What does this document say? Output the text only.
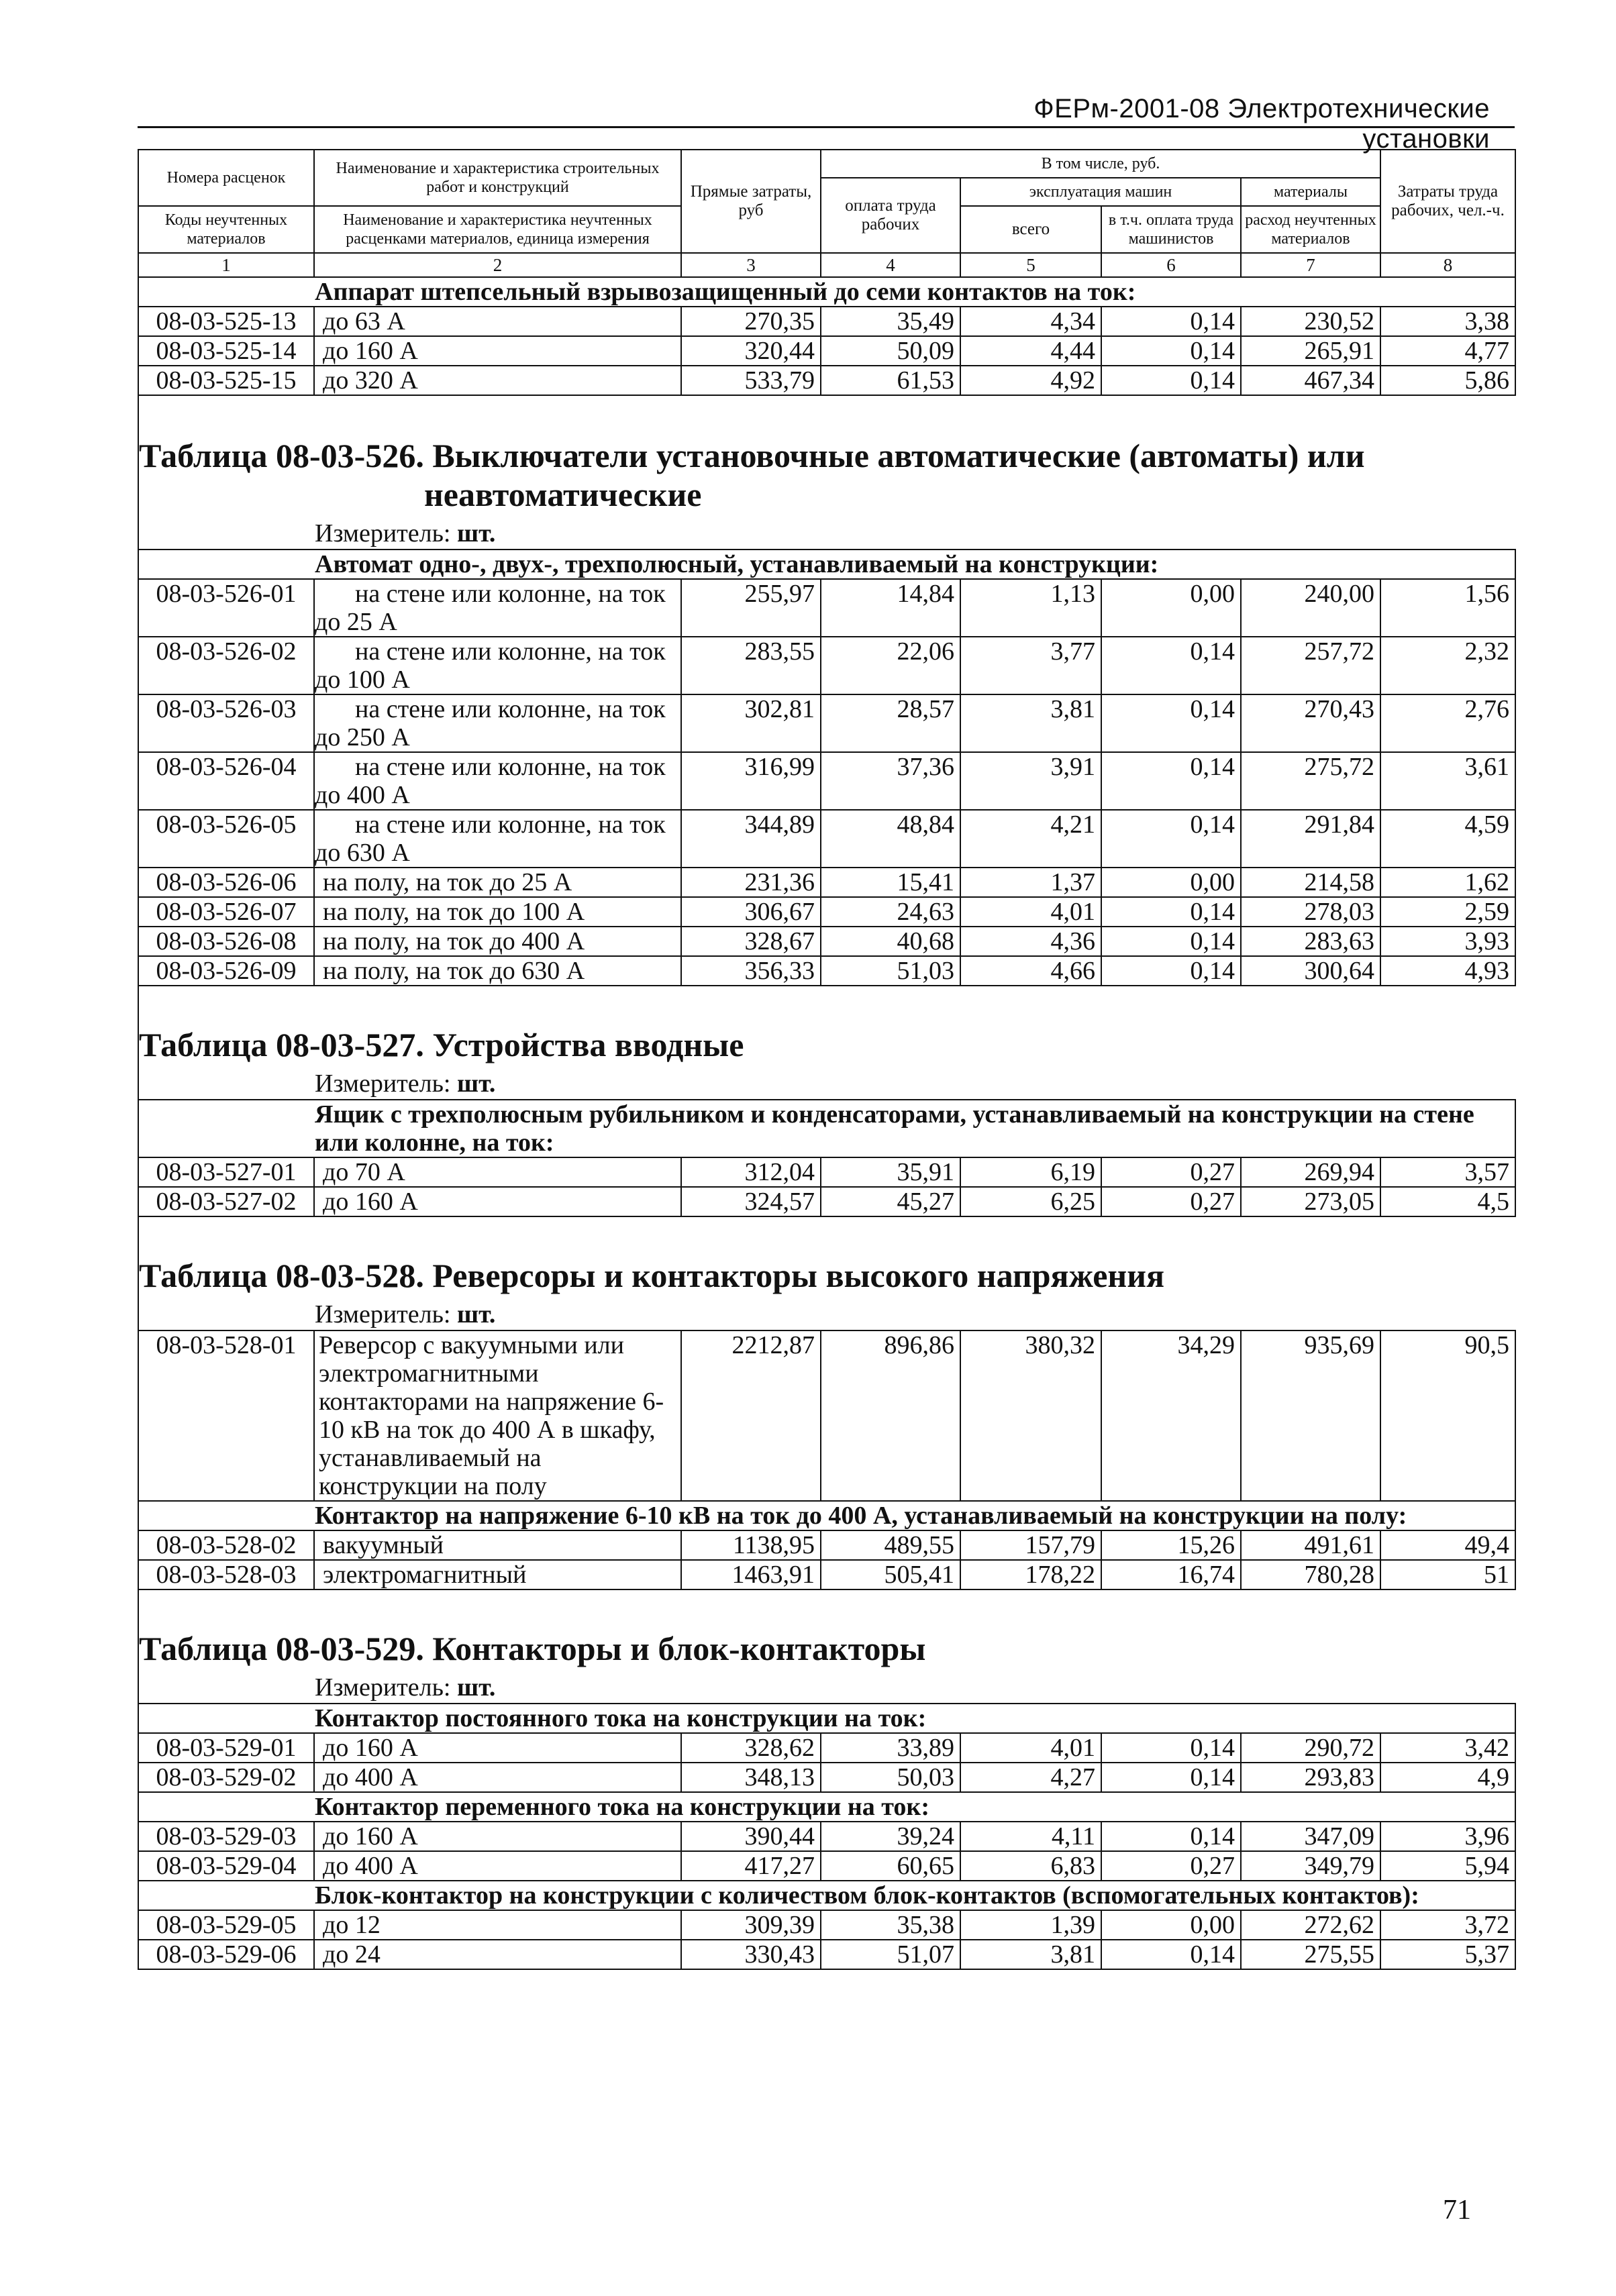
ФЕРм-2001-08 Электротехнические установки
Номера расценок	Наименование и характеристика строительных работ и конструкций	Прямые затраты, руб	В том числе, руб.				Затраты труда рабочих, чел.-ч.
			оплата труда рабочих	эксплуатация машин		материалы	
Коды неучтенных материалов	Наименование и характеристика неучтенных расценками материалов, единица измерения			всего	в т.ч. оплата труда машинистов	расход неучтенных материалов	

1	2	3	4	5	6	7	8
Аппарат штепсельный взрывозащищенный до семи контактов на ток:							
08-03-525-13	до 63 А	270,35	35,49	4,34	0,14	230,52	3,38
08-03-525-14	до 160 А	320,44	50,09	4,44	0,14	265,91	4,77
08-03-525-15	до 320 А	533,79	61,53	4,92	0,14	467,34	5,86
Таблица 08-03-526. Выключатели установочные автоматические (автоматы) или
неавтоматические							

Измеритель: шт.							
Автомат одно-, двух-, трехполюсный, устанавливаемый на конструкции:							
08-03-526-01	на стене или колонне, на ток до 25 А	255,97	14,84	1,13	0,00	240,00	1,56
08-03-526-02	на стене или колонне, на ток до 100 А	283,55	22,06	3,77	0,14	257,72	2,32
08-03-526-03	на стене или колонне, на ток до 250 А	302,81	28,57	3,81	0,14	270,43	2,76
08-03-526-04	на стене или колонне, на ток до 400 А	316,99	37,36	3,91	0,14	275,72	3,61
08-03-526-05	на стене или колонне, на ток до 630 А	344,89	48,84	4,21	0,14	291,84	4,59
08-03-526-06	на полу, на ток до 25 А	231,36	15,41	1,37	0,00	214,58	1,62
08-03-526-07	на полу, на ток до 100 А	306,67	24,63	4,01	0,14	278,03	2,59
08-03-526-08	на полу, на ток до 400 А	328,67	40,68	4,36	0,14	283,63	3,93
08-03-526-09	на полу, на ток до 630 А	356,33	51,03	4,66	0,14	300,64	4,93
Таблица 08-03-527. Устройства вводные							
Измеритель: шт.							
Ящик с трехполюсным рубильником и конденсаторами, устанавливаемый на конструкции на стене или колонне, на ток:							
08-03-527-01	до 70 А	312,04	35,91	6,19	0,27	269,94	3,57
08-03-527-02	до 160 А	324,57	45,27	6,25	0,27	273,05	4,5
Таблица 08-03-528. Реверсоры и контакторы высокого напряжения							
Измеритель: шт.							
08-03-528-01	Реверсор с вакуумными или электромагнитными контакторами на напряжение 6-10 кВ на ток до 400 А в шкафу, устанавливаемый на конструкции на полу	2212,87	896,86	380,32	34,29	935,69	90,5
Контактор на напряжение 6-10 кВ на ток до 400 А, устанавливаемый на конструкции на полу:							
08-03-528-02	вакуумный	1138,95	489,55	157,79	15,26	491,61	49,4
08-03-528-03	электромагнитный	1463,91	505,41	178,22	16,74	780,28	51
Таблица 08-03-529. Контакторы и блок-контакторы							
Измеритель: шт.							
Контактор постоянного тока на конструкции на ток:							
08-03-529-01	до 160 А	328,62	33,89	4,01	0,14	290,72	3,42
08-03-529-02	до 400 А	348,13	50,03	4,27	0,14	293,83	4,9
Контактор переменного тока на конструкции на ток:							
08-03-529-03	до 160 А	390,44	39,24	4,11	0,14	347,09	3,96
08-03-529-04	до 400 А	417,27	60,65	6,83	0,27	349,79	5,94
Блок-контактор на конструкции с количеством блок-контактов (вспомогательных контактов):							
08-03-529-05	до 12	309,39	35,38	1,39	0,00	272,62	3,72
08-03-529-06	до 24	330,43	51,07	3,81	0,14	275,55	5,37
71
